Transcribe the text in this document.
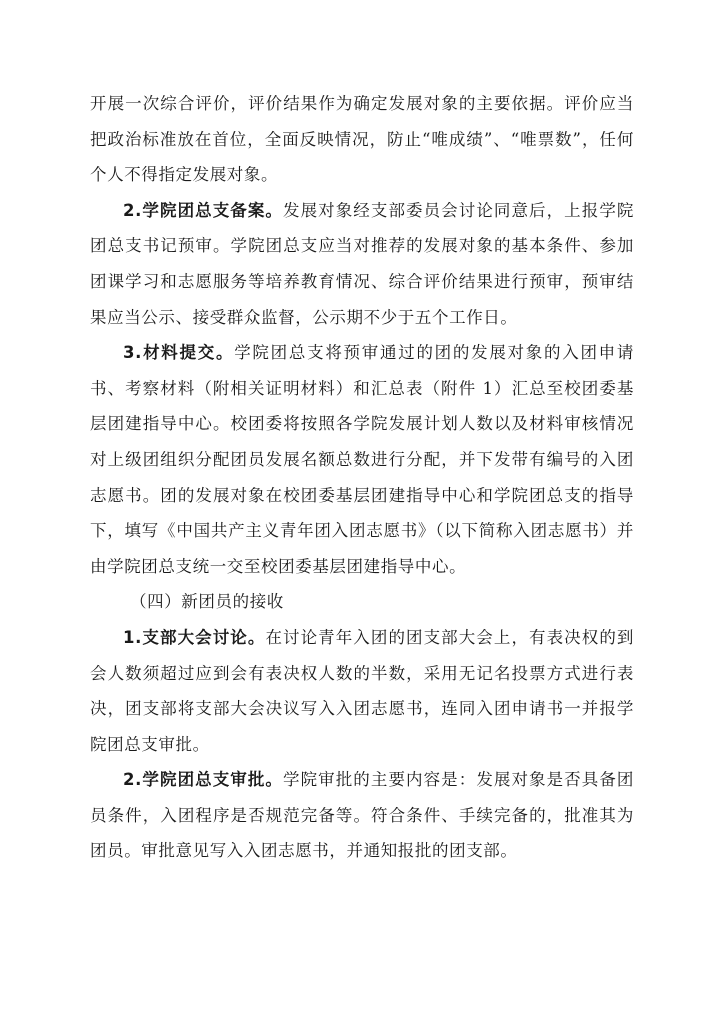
开展一次综合评价，评价结果作为确定发展对象的主要依据。评价应当把政治标准放在首位，全面反映情况，防止“唯成绩”、“唯票数”，任何个人不得指定发展对象。

2.学院团总支备案。发展对象经支部委员会讨论同意后，上报学院团总支书记预审。学院团总支应当对推荐的发展对象的基本条件、参加团课学习和志愿服务等培养教育情况、综合评价结果进行预审，预审结果应当公示、接受群众监督，公示期不少于五个工作日。

3.材料提交。学院团总支将预审通过的团的发展对象的入团申请书、考察材料（附相关证明材料）和汇总表（附件 1）汇总至校团委基层团建指导中心。校团委将按照各学院发展计划人数以及材料审核情况对上级团组织分配团员发展名额总数进行分配，并下发带有编号的入团志愿书。团的发展对象在校团委基层团建指导中心和学院团总支的指导下，填写《中国共产主义青年团入团志愿书》（以下简称入团志愿书）并由学院团总支统一交至校团委基层团建指导中心。

（四）新团员的接收

1.支部大会讨论。在讨论青年入团的团支部大会上，有表决权的到会人数须超过应到会有表决权人数的半数，采用无记名投票方式进行表决，团支部将支部大会决议写入入团志愿书，连同入团申请书一并报学院团总支审批。

2.学院团总支审批。学院审批的主要内容是：发展对象是否具备团员条件，入团程序是否规范完备等。符合条件、手续完备的，批准其为团员。审批意见写入入团志愿书，并通知报批的团支部。
